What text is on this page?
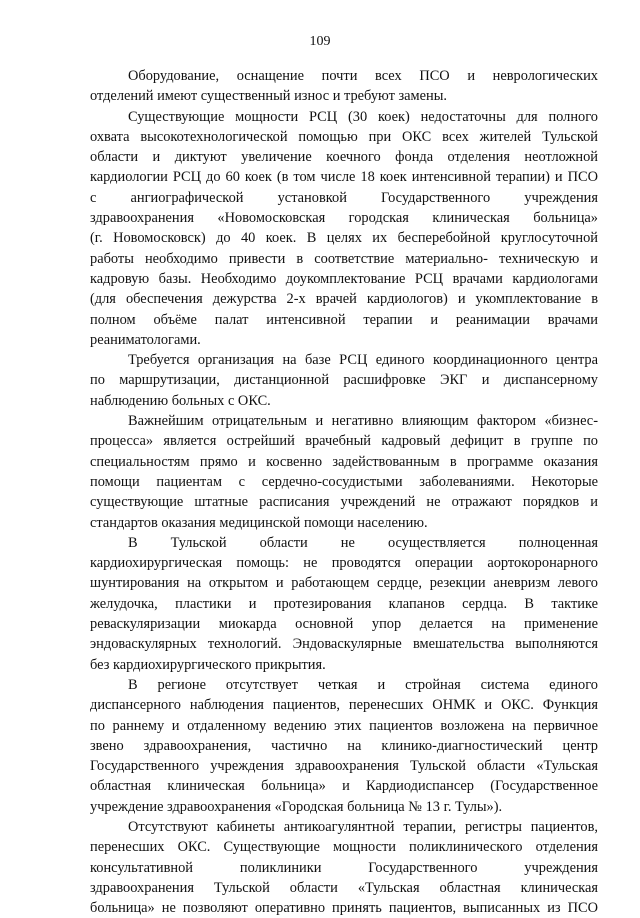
109

Оборудование, оснащение почти всех ПСО и неврологических
отделений имеют существенный износ и требуют замены.

Существующие мощности РСЦ (30 коек) недостаточны для полного
охвата высокотехнологической помощью при ОКС всех жителей Тульской
области и диктуют увеличение коечного фонда отделения неотложной
кардиологии РСЦ до 60 коек (в том числе 18 коек интенсивной терапии) и ПСО
с ангиографической установкой Государственного учреждения
здравоохранения «Новомосковская городская клиническая больница»
(г. Новомосковск) до 40 коек. В целях их бесперебойной круглосуточной
работы необходимо привести в соответствие материально- техническую и
кадровую базы. Необходимо доукомплектование РСЦ врачами кардиологами
(для обеспечения дежурства 2-х врачей кардиологов) и укомплектование в
полном объёме палат интенсивной терапии и реанимации врачами
реаниматологами.

Требуется организация на базе РСЦ единого координационного центра
по маршрутизации, дистанционной расшифровке ЭКГ и диспансерному
наблюдению больных с ОКС.

Важнейшим отрицательным и негативно влияющим фактором «бизнес-
процесса» является острейший врачебный кадровый дефицит в группе по
специальностям прямо и косвенно задействованным в программе оказания
помощи пациентам с сердечно-сосудистыми заболеваниями. Некоторые
существующие штатные расписания учреждений не отражают порядков и
стандартов оказания медицинской помощи населению.

В Тульской области не осуществляется полноценная
кардиохирургическая помощь: не проводятся операции аортокоронарного
шунтирования на открытом и работающем сердце, резекции аневризм левого
желудочка, пластики и протезирования клапанов сердца. В тактике
реваскуляризации миокарда основной упор делается на применение
эндоваскулярных технологий. Эндоваскулярные вмешательства выполняются
без кардиохирургического прикрытия.

В регионе отсутствует четкая и стройная система единого
диспансерного наблюдения пациентов, перенесших ОНМК и ОКС. Функция
по раннему и отдаленному ведению этих пациентов возложена на первичное
звено здравоохранения, частично на клинико-диагностический центр
Государственного учреждения здравоохранения Тульской области «Тульская
областная клиническая больница» и Кардиодиспансер (Государственное
учреждение здравоохранения «Городская больница № 13 г. Тулы»).

Отсутствуют кабинеты антикоагулянтной терапии, регистры пациентов,
перенесших ОКС. Существующие мощности поликлинического отделения
консультативной поликлиники Государственного учреждения
здравоохранения Тульской области «Тульская областная клиническая
больница» не позволяют оперативно принять пациентов, выписанных из ПСО
